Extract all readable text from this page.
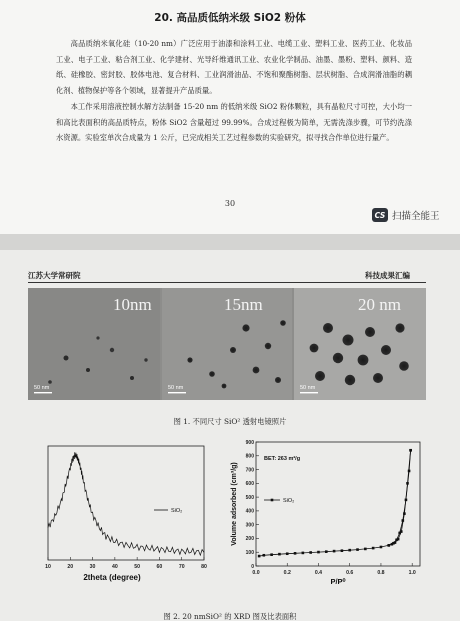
20. 高品质低纳米级 SiO2 粉体

高品质纳米氧化硅（10-20 nm）广泛应用于油漆和涂料工业、电缆工业、塑料工业、医药工业、化妆品工业、电子工业、粘合剂工业、化学建材、光导纤维通讯工业、农业化学制品、油墨、墨粉、塑料、颜料、造纸、硅橡胶、密封胶、胶体电池、复合材料、工业润滑油品、不饱和聚酯树脂、层状树脂、合成润滑油脂的耦化剂、植物保护等各个领域，显著提升产品质量。

本工作采用溶液控制水解方法制备 15-20 nm 的低纳米级 SiO2 粉体颗粒，具有晶粒尺寸可控，大小均一和高比表面积的高品质特点，粉体 SiO2 含量超过 99.99%。合成过程极为简单，无需洗涤步骤，可节约洗涤水资源。实验室单次合成量为 1 公斤，已完成相关工艺过程参数的实验研究，拟寻找合作单位进行量产。

30
CS 扫描全能王
江苏大学常研院	科技成果汇编
50 nm
10nm
50 nm
15nm
50 nm
20 nm
图 1. 不同尺寸 SiO² 透射电镜照片
SiO₂
10	20	30	40	50	60	70	80
2theta (degree)
0
100
200
300
400
500
600
700
800
900
0.0	0.2	0.4	0.6	0.8	1.0
P/P⁰
Volume adsorbed (cm³/g)
BET: 263 m²/g
SiO₂
图 2. 20 nmSiO² 的 XRD 图及比表面积
